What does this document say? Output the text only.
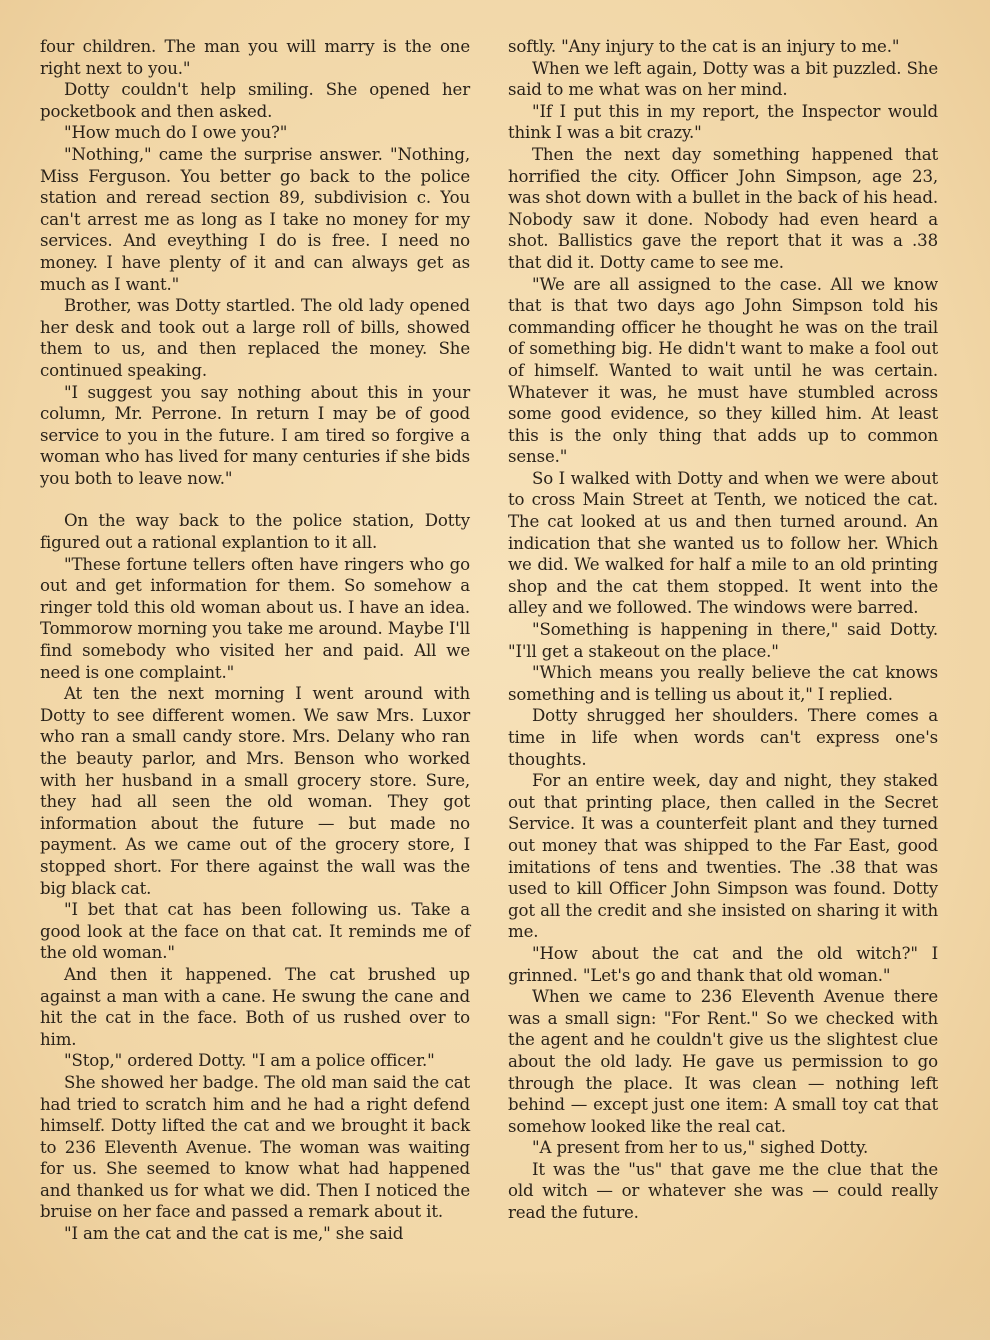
four children. The man you will marry is the one right next to you."

Dotty couldn't help smiling. She opened her pocketbook and then asked.

"How much do I owe you?"

"Nothing," came the surprise answer. "Nothing, Miss Ferguson. You better go back to the police station and reread section 89, subdivision c. You can't arrest me as long as I take no money for my services. And eveything I do is free. I need no money. I have plenty of it and can always get as much as I want."

Brother, was Dotty startled. The old lady opened her desk and took out a large roll of bills, showed them to us, and then replaced the money. She continued speaking.

"I suggest you say nothing about this in your column, Mr. Perrone. In return I may be of good service to you in the future. I am tired so forgive a woman who has lived for many centuries if she bids you both to leave now."

On the way back to the police station, Dotty figured out a rational explantion to it all.

"These fortune tellers often have ringers who go out and get information for them. So somehow a ringer told this old woman about us. I have an idea. Tommorow morning you take me around. Maybe I'll find somebody who visited her and paid. All we need is one complaint."

At ten the next morning I went around with Dotty to see different women. We saw Mrs. Luxor who ran a small candy store. Mrs. Delany who ran the beauty parlor, and Mrs. Benson who worked with her husband in a small grocery store. Sure, they had all seen the old woman. They got information about the future — but made no payment. As we came out of the grocery store, I stopped short. For there against the wall was the big black cat.

"I bet that cat has been following us. Take a good look at the face on that cat. It reminds me of the old woman."

And then it happened. The cat brushed up against a man with a cane. He swung the cane and hit the cat in the face. Both of us rushed over to him.

"Stop," ordered Dotty. "I am a police officer."

She showed her badge. The old man said the cat had tried to scratch him and he had a right defend himself. Dotty lifted the cat and we brought it back to 236 Eleventh Avenue. The woman was waiting for us. She seemed to know what had happened and thanked us for what we did. Then I noticed the bruise on her face and passed a remark about it.

"I am the cat and the cat is me," she said

softly. "Any injury to the cat is an injury to me."

When we left again, Dotty was a bit puzzled. She said to me what was on her mind.

"If I put this in my report, the Inspector would think I was a bit crazy."

Then the next day something happened that horrified the city. Officer John Simpson, age 23, was shot down with a bullet in the back of his head. Nobody saw it done. Nobody had even heard a shot. Ballistics gave the report that it was a .38 that did it. Dotty came to see me.

"We are all assigned to the case. All we know that is that two days ago John Simpson told his commanding officer he thought he was on the trail of something big. He didn't want to make a fool out of himself. Wanted to wait until he was certain. Whatever it was, he must have stumbled across some good evidence, so they killed him. At least this is the only thing that adds up to common sense."

So I walked with Dotty and when we were about to cross Main Street at Tenth, we noticed the cat. The cat looked at us and then turned around. An indication that she wanted us to follow her. Which we did. We walked for half a mile to an old printing shop and the cat them stopped. It went into the alley and we followed. The windows were barred.

"Something is happening in there," said Dotty. "I'll get a stakeout on the place."

"Which means you really believe the cat knows something and is telling us about it," I replied.

Dotty shrugged her shoulders. There comes a time in life when words can't express one's thoughts.

For an entire week, day and night, they staked out that printing place, then called in the Secret Service. It was a counterfeit plant and they turned out money that was shipped to the Far East, good imitations of tens and twenties. The .38 that was used to kill Officer John Simpson was found. Dotty got all the credit and she insisted on sharing it with me.

"How about the cat and the old witch?" I grinned. "Let's go and thank that old woman."

When we came to 236 Eleventh Avenue there was a small sign: "For Rent." So we checked with the agent and he couldn't give us the slightest clue about the old lady. He gave us permission to go through the place. It was clean — nothing left behind — except just one item: A small toy cat that somehow looked like the real cat.

"A present from her to us," sighed Dotty.

It was the "us" that gave me the clue that the old witch — or whatever she was — could really read the future.
